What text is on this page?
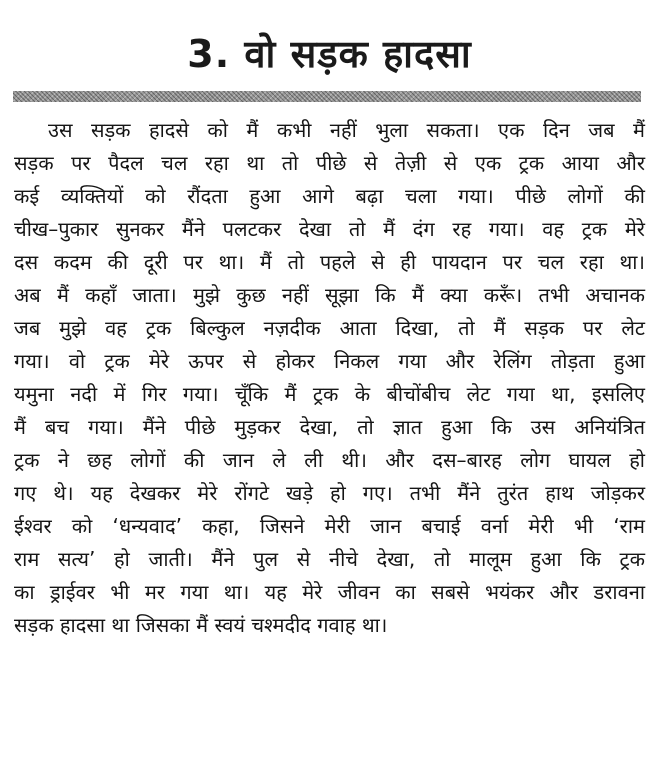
3. वो सड़क हादसा
उस सड़क हादसे को मैं कभी नहीं भुला सकता। एक दिन जब मैं
सड़क पर पैदल चल रहा था तो पीछे से तेज़ी से एक ट्रक आया और
कई व्यक्तियों को रौंदता हुआ आगे बढ़ा चला गया। पीछे लोगों की
चीख–पुकार सुनकर मैंने पलटकर देखा तो मैं दंग रह गया। वह ट्रक मेरे
दस कदम की दूरी पर था। मैं तो पहले से ही पायदान पर चल रहा था।
अब मैं कहाँ जाता। मुझे कुछ नहीं सूझा कि मैं क्या करूँ। तभी अचानक
जब मुझे वह ट्रक बिल्कुल नज़दीक आता दिखा, तो मैं सड़क पर लेट
गया। वो ट्रक मेरे ऊपर से होकर निकल गया और रेलिंग तोड़ता हुआ
यमुना नदी में गिर गया। चूँकि मैं ट्रक के बीचोंबीच लेट गया था, इसलिए
मैं बच गया। मैंने पीछे मुड़कर देखा, तो ज्ञात हुआ कि उस अनियंत्रित
ट्रक ने छह लोगों की जान ले ली थी। और दस–बारह लोग घायल हो
गए थे। यह देखकर मेरे रोंगटे खड़े हो गए। तभी मैंने तुरंत हाथ जोड़कर
ईश्वर को ‘धन्यवाद’ कहा, जिसने मेरी जान बचाई वर्ना मेरी भी ‘राम
राम सत्य’ हो जाती। मैंने पुल से नीचे देखा, तो मालूम हुआ कि ट्रक
का ड्राईवर भी मर गया था। यह मेरे जीवन का सबसे भयंकर और डरावना
सड़क हादसा था जिसका मैं स्वयं चश्मदीद गवाह था।
